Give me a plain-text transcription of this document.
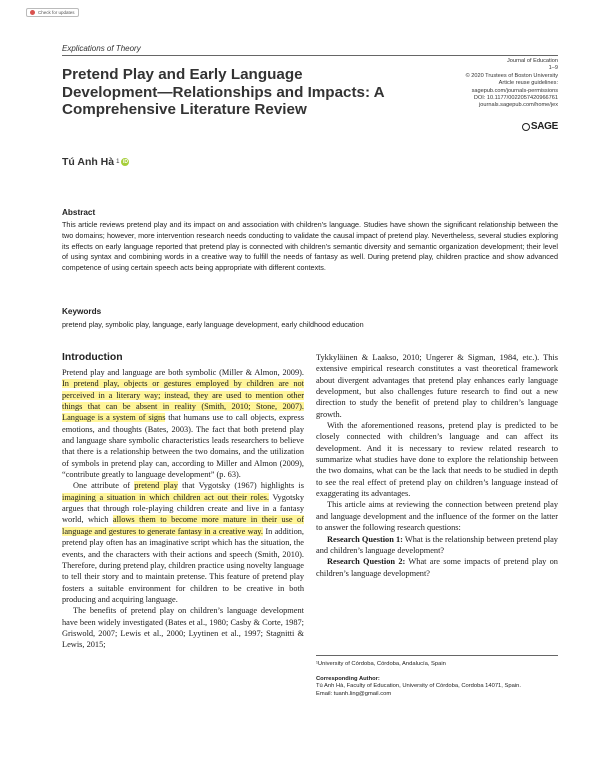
Check for updates
Explications of Theory
Pretend Play and Early Language Development—Relationships and Impacts: A Comprehensive Literature Review
Journal of Education
1–9
© 2020 Trustees of Boston University
Article reuse guidelines:
sagepub.com/journals-permissions
DOI: 10.1177/0022057420966761
journals.sagepub.com/home/jex
SAGE
Tú Anh Hà 1 iD
Abstract
This article reviews pretend play and its impact on and association with children’s language. Studies have shown the significant relationship between the two domains; however, more intervention research needs conducting to validate the causal impact of pretend play. Nevertheless, several studies exploring its effects on early language reported that pretend play is connected with children’s semantic diversity and semantic organization development; their level of using syntax and combining words in a creative way to fulfill the needs of fantasy as well. During pretend play, children practice and show advanced competence of using certain speech acts being appropriate with different contexts.
Keywords
pretend play, symbolic play, language, early language development, early childhood education
Introduction

Pretend play and language are both symbolic (Miller & Almon, 2009). In pretend play, objects or gestures employed by children are not perceived in a literary way; instead, they are used to mention other things that can be absent in reality (Smith, 2010; Stone, 2007). Language is a system of signs that humans use to call objects, express emotions, and thoughts (Bates, 2003). The fact that both pretend play and language share symbolic characteristics leads researchers to believe that there is a relationship between the two domains, and the utilization of symbols in pretend play can, according to Miller and Almon (2009), “contribute greatly to language development” (p. 63).

One attribute of pretend play that Vygotsky (1967) highlights is imagining a situation in which children act out their roles. Vygotsky argues that through role-playing children create and live in a fantasy world, which allows them to become more mature in their use of language and gestures to generate fantasy in a creative way. In addition, pretend play often has an imaginative script which has the situation, the events, and the characters with their actions and speech (Smith, 2010). Therefore, during pretend play, children practice using novelty language to tell their story and to maintain pretense. This feature of pretend play fosters a suitable environment for children to be creative in both producing and acquiring language.

The benefits of pretend play on children’s language development have been widely investigated (Bates et al., 1980; Casby & Corte, 1987; Griswold, 2007; Lewis et al., 2000; Lyytinen et al., 1997; Stagnitti & Lewis, 2015;

Tykkyläinen & Laakso, 2010; Ungerer & Sigman, 1984, etc.). This extensive empirical research constitutes a vast theoretical framework about divergent advantages that pretend play enhances early language development, but also challenges future research to find out a new direction to study the benefit of pretend play to children’s language growth.

With the aforementioned reasons, pretend play is predicted to be closely connected with children’s language and can affect its development. And it is necessary to review related research to summarize what studies have done to explore the relationship between the two domains, what can be the lack that needs to be studied in depth to see the real effect of pretend play on children’s language instead of exaggerating its advantages.

This article aims at reviewing the connection between pretend play and language development and the influence of the former on the latter to answer the following research questions:

Research Question 1: What is the relationship between pretend play and children’s language development?

Research Question 2: What are some impacts of pretend play on children’s language development?

¹University of Córdoba, Córdoba, Andalucía, Spain
Corresponding Author:
Tú Anh Hà, Faculty of Education, University of Córdoba, Cordoba 14071, Spain.
Email: tuanh.ling@gmail.com
